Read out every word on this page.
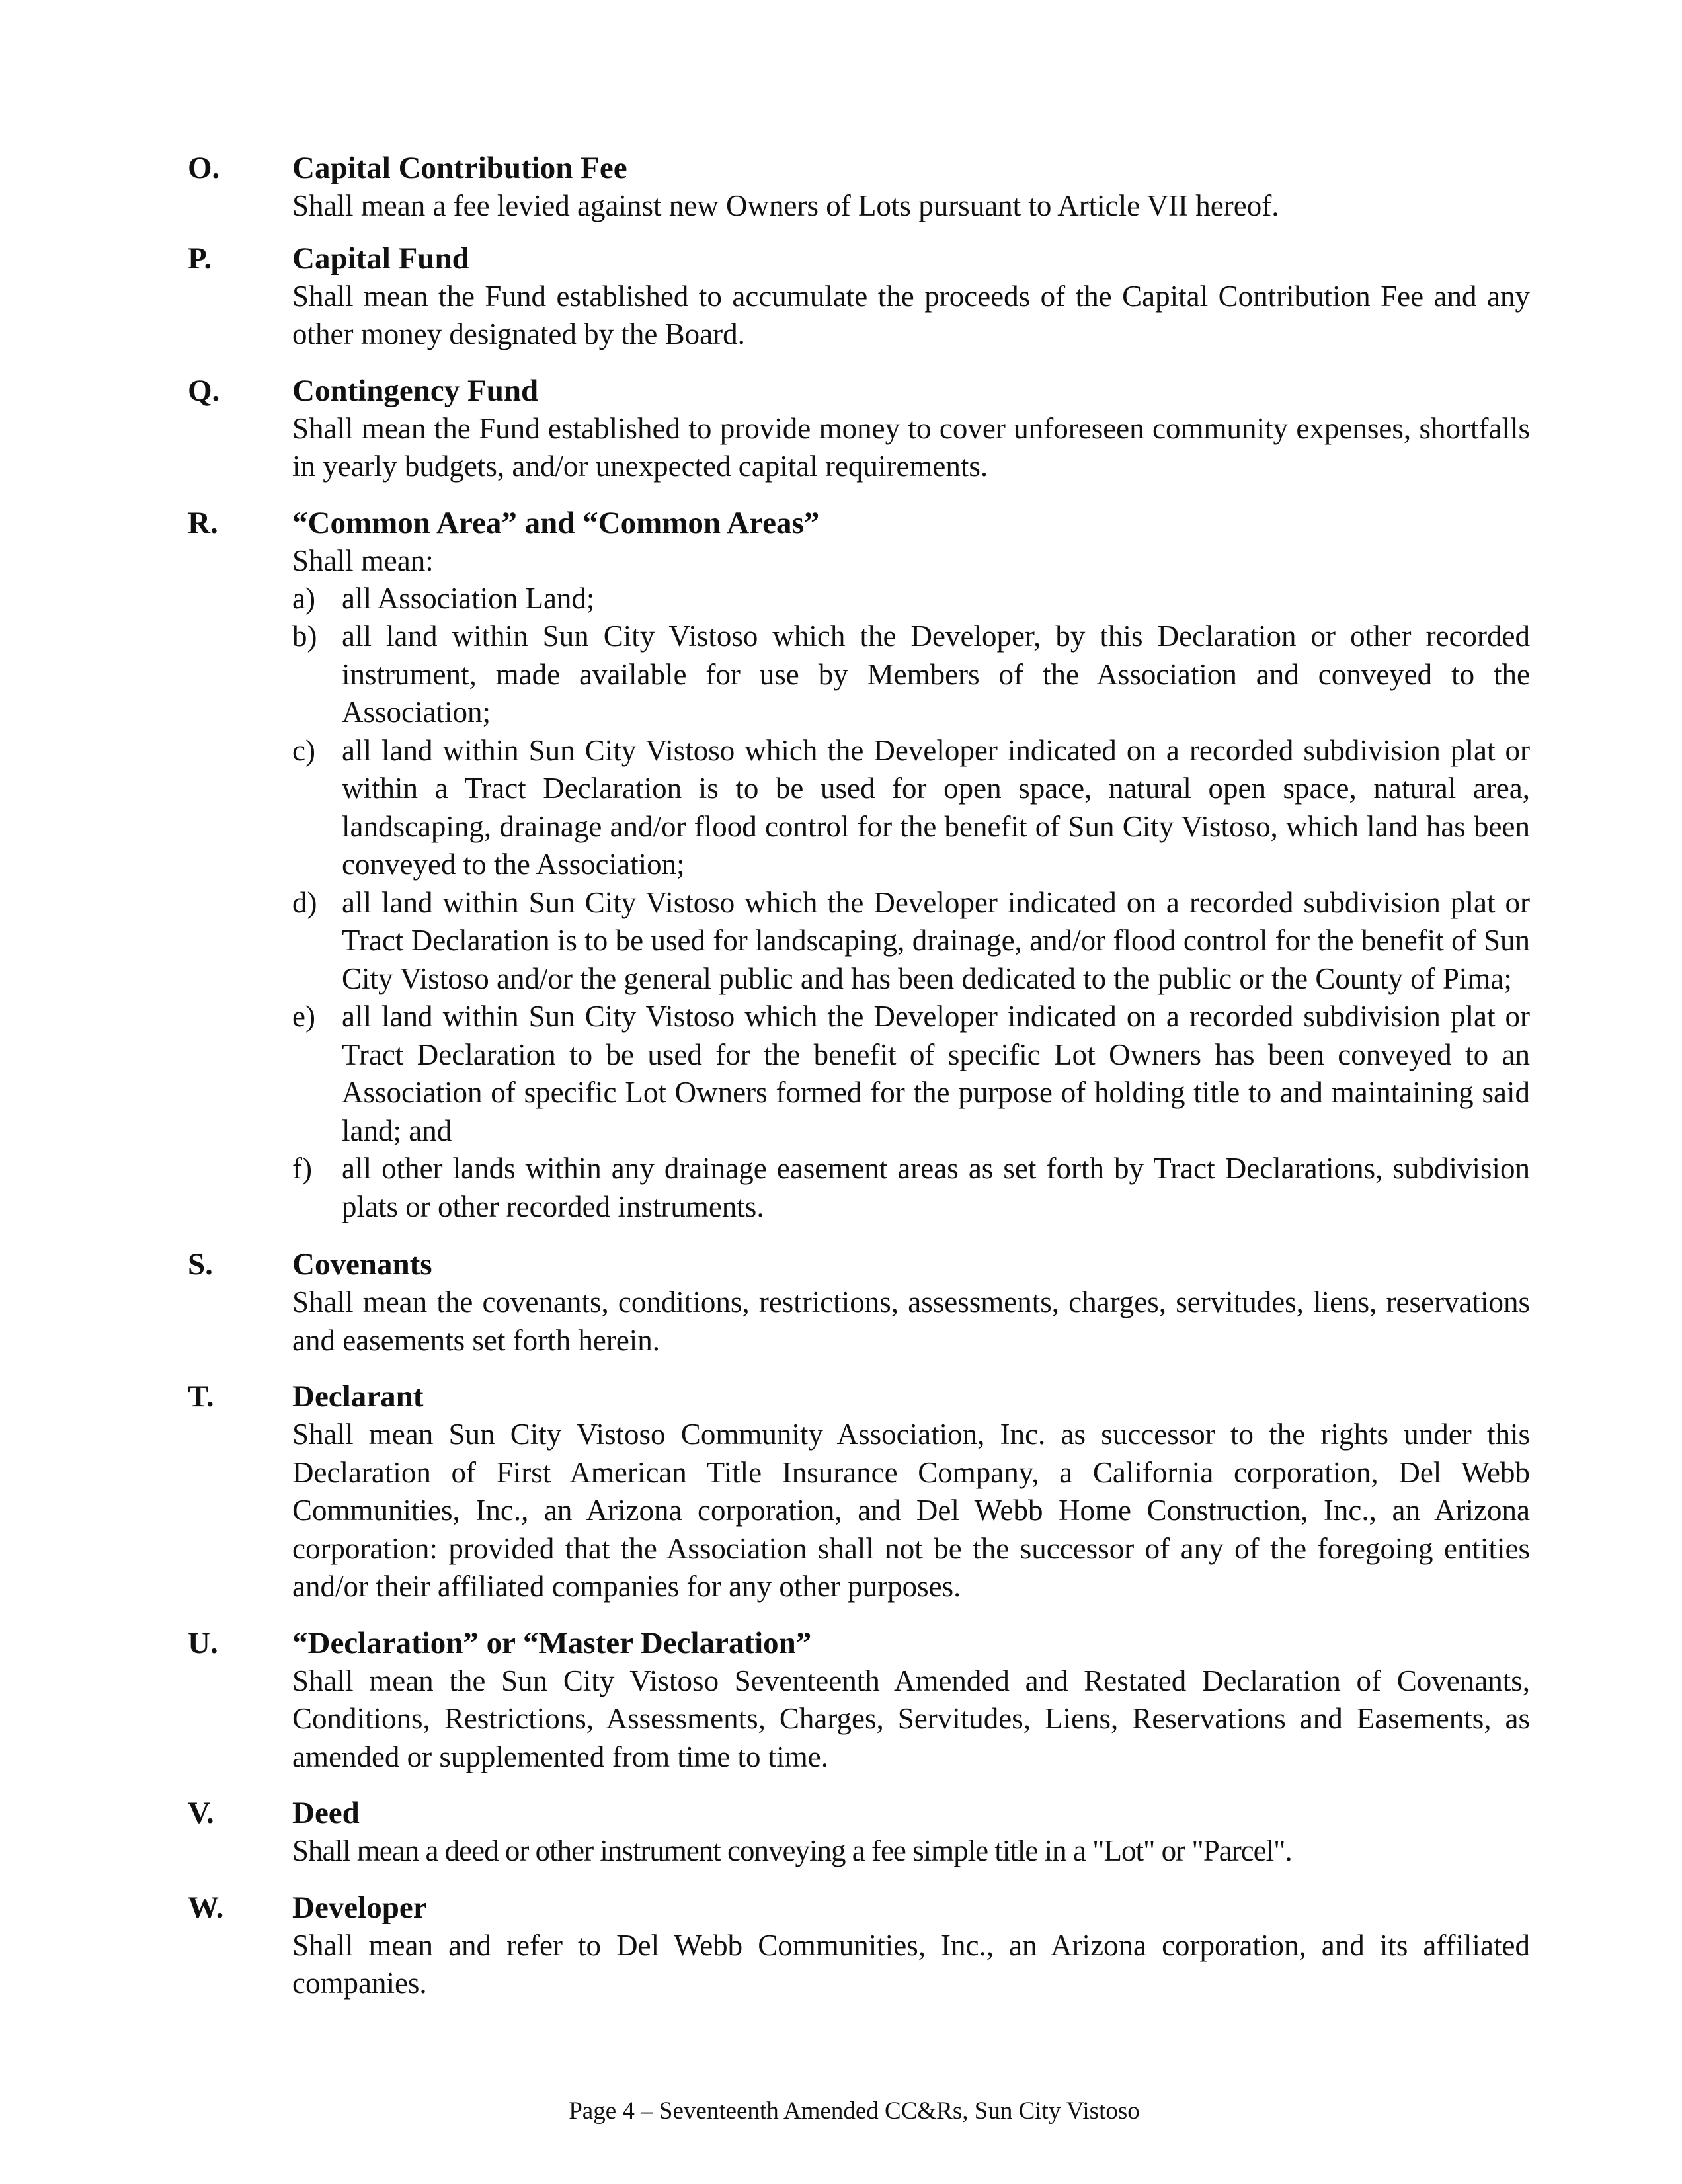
O. Capital Contribution Fee

Shall mean a fee levied against new Owners of Lots pursuant to Article VII hereof.

P.	Capital Fund

Shall mean the Fund established to accumulate the proceeds of the Capital Contribution Fee and any other money designated by the Board.

Q. Contingency Fund

Shall mean the Fund established to provide money to cover unforeseen community expenses, shortfalls in yearly budgets, and/or unexpected capital requirements.

R. “Common Area” and “Common Areas”

Shall mean:

a) all Association Land;
b) all land within Sun City Vistoso which the Developer, by this Declaration or other recorded instrument, made available for use by Members of the Association and conveyed to the Association;
c) all land within Sun City Vistoso which the Developer indicated on a recorded subdivision plat or within a Tract Declaration is to be used for open space, natural open space, natural area, landscaping, drainage and/or flood control for the benefit of Sun City Vistoso, which land has been conveyed to the Association;
d) all land within Sun City Vistoso which the Developer indicated on a recorded subdivision plat or Tract Declaration is to be used for landscaping, drainage, and/or flood control for the benefit of Sun City Vistoso and/or the general public and has been dedicated to the public or the County of Pima;
e) all land within Sun City Vistoso which the Developer indicated on a recorded subdivision plat or Tract Declaration to be used for the benefit of specific Lot Owners has been conveyed to an Association of specific Lot Owners formed for the purpose of holding title to and maintaining said land; and
f) all other lands within any drainage easement areas as set forth by Tract Declarations, subdivision plats or other recorded instruments.
S.	Covenants

Shall mean the covenants, conditions, restrictions, assessments, charges, servitudes, liens, reservations and easements set forth herein.

T.	Declarant

Shall mean Sun City Vistoso Community Association, Inc. as successor to the rights under this Declaration of First American Title Insurance Company, a California corporation, Del Webb Communities, Inc., an Arizona corporation, and Del Webb Home Construction, Inc., an Arizona corporation: provided that the Association shall not be the successor of any of the foregoing entities and/or their affiliated companies for any other purposes.

U. “Declaration” or “Master Declaration”

Shall mean the Sun City Vistoso Seventeenth Amended and Restated Declaration of Covenants, Conditions, Restrictions, Assessments, Charges, Servitudes, Liens, Reservations and Easements, as amended or supplemented from time to time.

V.	Deed

Shall mean a deed or other instrument conveying a fee simple title in a "Lot" or "Parcel".

W. Developer

Shall mean and refer to Del Webb Communities, Inc., an Arizona corporation, and its affiliated companies.

Page 4 – Seventeenth Amended CC&Rs, Sun City Vistoso
